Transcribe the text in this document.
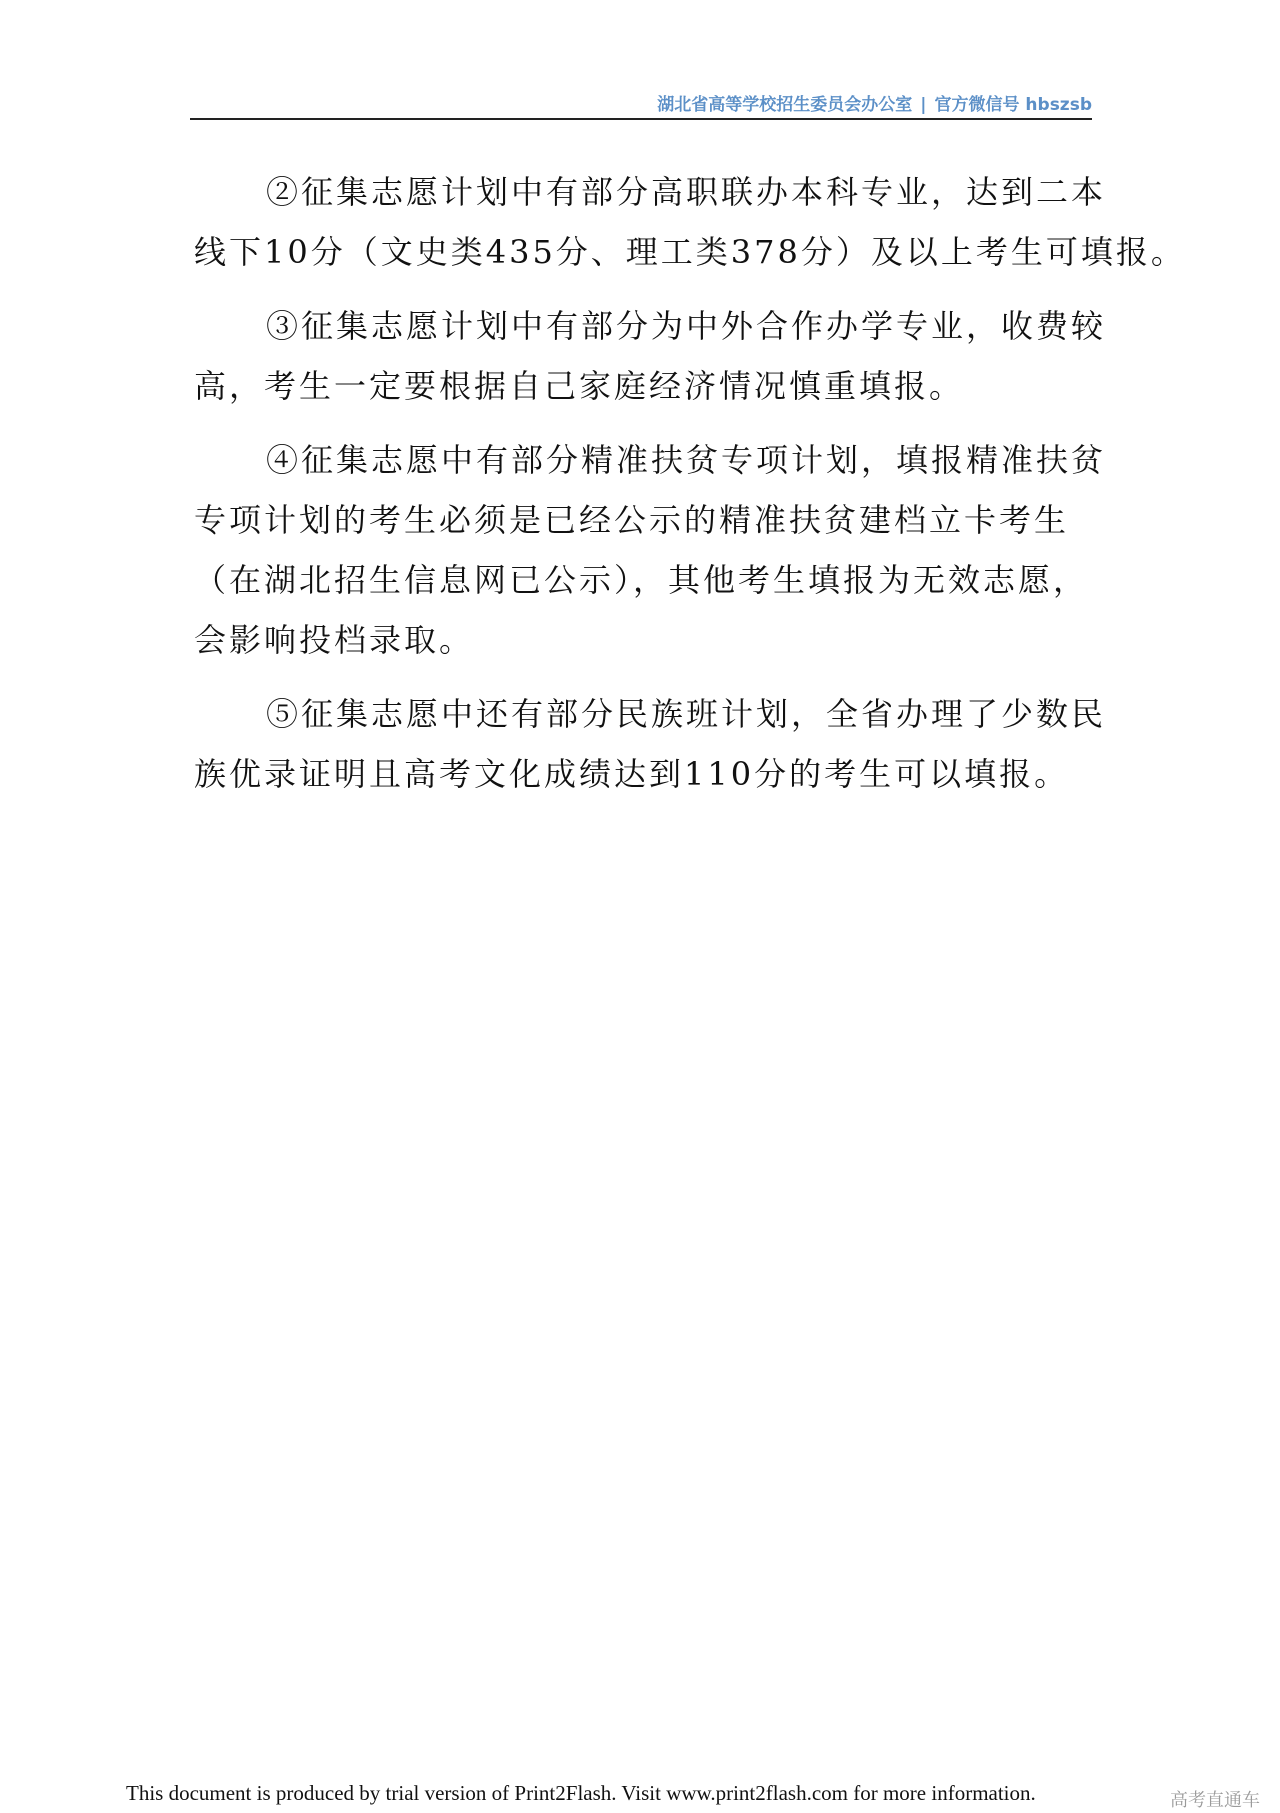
湖北省高等学校招生委员会办公室 | 官方微信号 hbszsb
②征集志愿计划中有部分高职联办本科专业，达到二本
线下10分（文史类435分、理工类378分）及以上考生可填报。
③征集志愿计划中有部分为中外合作办学专业，收费较
高，考生一定要根据自己家庭经济情况慎重填报。
④征集志愿中有部分精准扶贫专项计划，填报精准扶贫
专项计划的考生必须是已经公示的精准扶贫建档立卡考生
（在湖北招生信息网已公示），其他考生填报为无效志愿，
会影响投档录取。
⑤征集志愿中还有部分民族班计划，全省办理了少数民
族优录证明且高考文化成绩达到110分的考生可以填报。
This document is produced by trial version of Print2Flash. Visit www.print2flash.com for more information.	高考直通车
